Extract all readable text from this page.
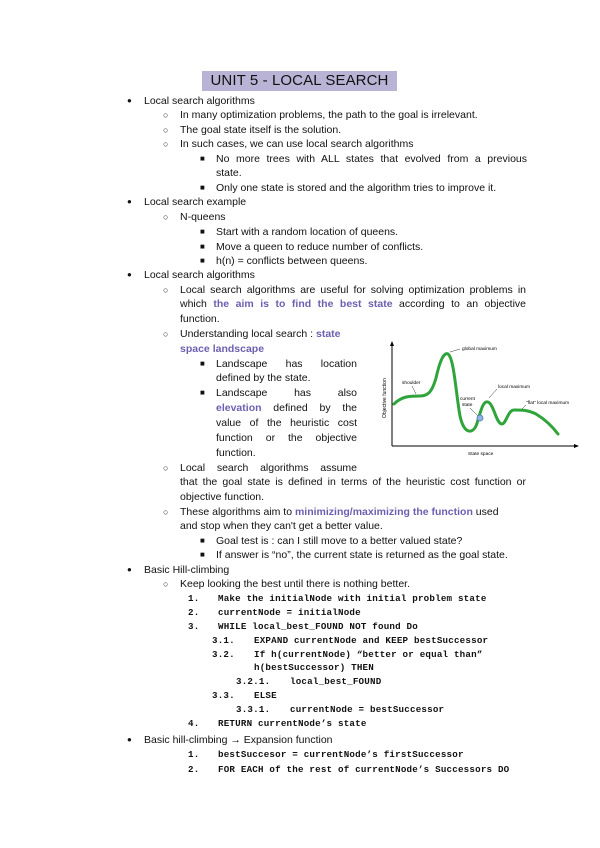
UNIT 5 - LOCAL SEARCH
● Local search algorithms
○ In many optimization problems, the path to the goal is irrelevant.
○ The goal state itself is the solution.
○ In such cases, we can use local search algorithms
■ No more trees with ALL states that evolved from a previous
state.
■ Only one state is stored and the algorithm tries to improve it.
● Local search example
○ N-queens
■ Start with a random location of queens.
■ Move a queen to reduce number of conflicts.
■ h(n) = conflicts between queens.
● Local search algorithms
○ Local search algorithms are useful for solving optimization problems in
which the aim is to find the best state according to an objective
function.
○ Understanding local search : state
space landscape
■ Landscape has location
defined by the state.
■ Landscape has also
elevation defined by the
value of the heuristic cost
function or the objective
function.
global maximum
shoulder
local maximum
current
state	"flat" local maximum
State space
Objective function
○ Local search algorithms assume
that the goal state is defined in terms of the heuristic cost function or
objective function.
○ These algorithms aim to minimizing/maximizing the function used
and stop when they can't get a better value.
■ Goal test is : can I still move to a better valued state?
■ If answer is “no”, the current state is returned as the goal state.
● Basic Hill-climbing
○ Keep looking the best until there is nothing better.
1. Make the initialNode with initial problem state
2. currentNode = initialNode
3. WHILE local_best_FOUND NOT found Do
3.1. EXPAND currentNode and KEEP bestSuccessor
3.2. If h(currentNode) “better or equal than”
h(bestSuccessor) THEN
3.2.1. local_best_FOUND
3.3. ELSE
3.3.1. currentNode = bestSuccessor
4. RETURN currentNode’s state
● Basic hill-climbing → Expansion function
1. bestSuccesor = currentNode’s firstSuccessor
2. FOR EACH of the rest of currentNode’s Successors DO
